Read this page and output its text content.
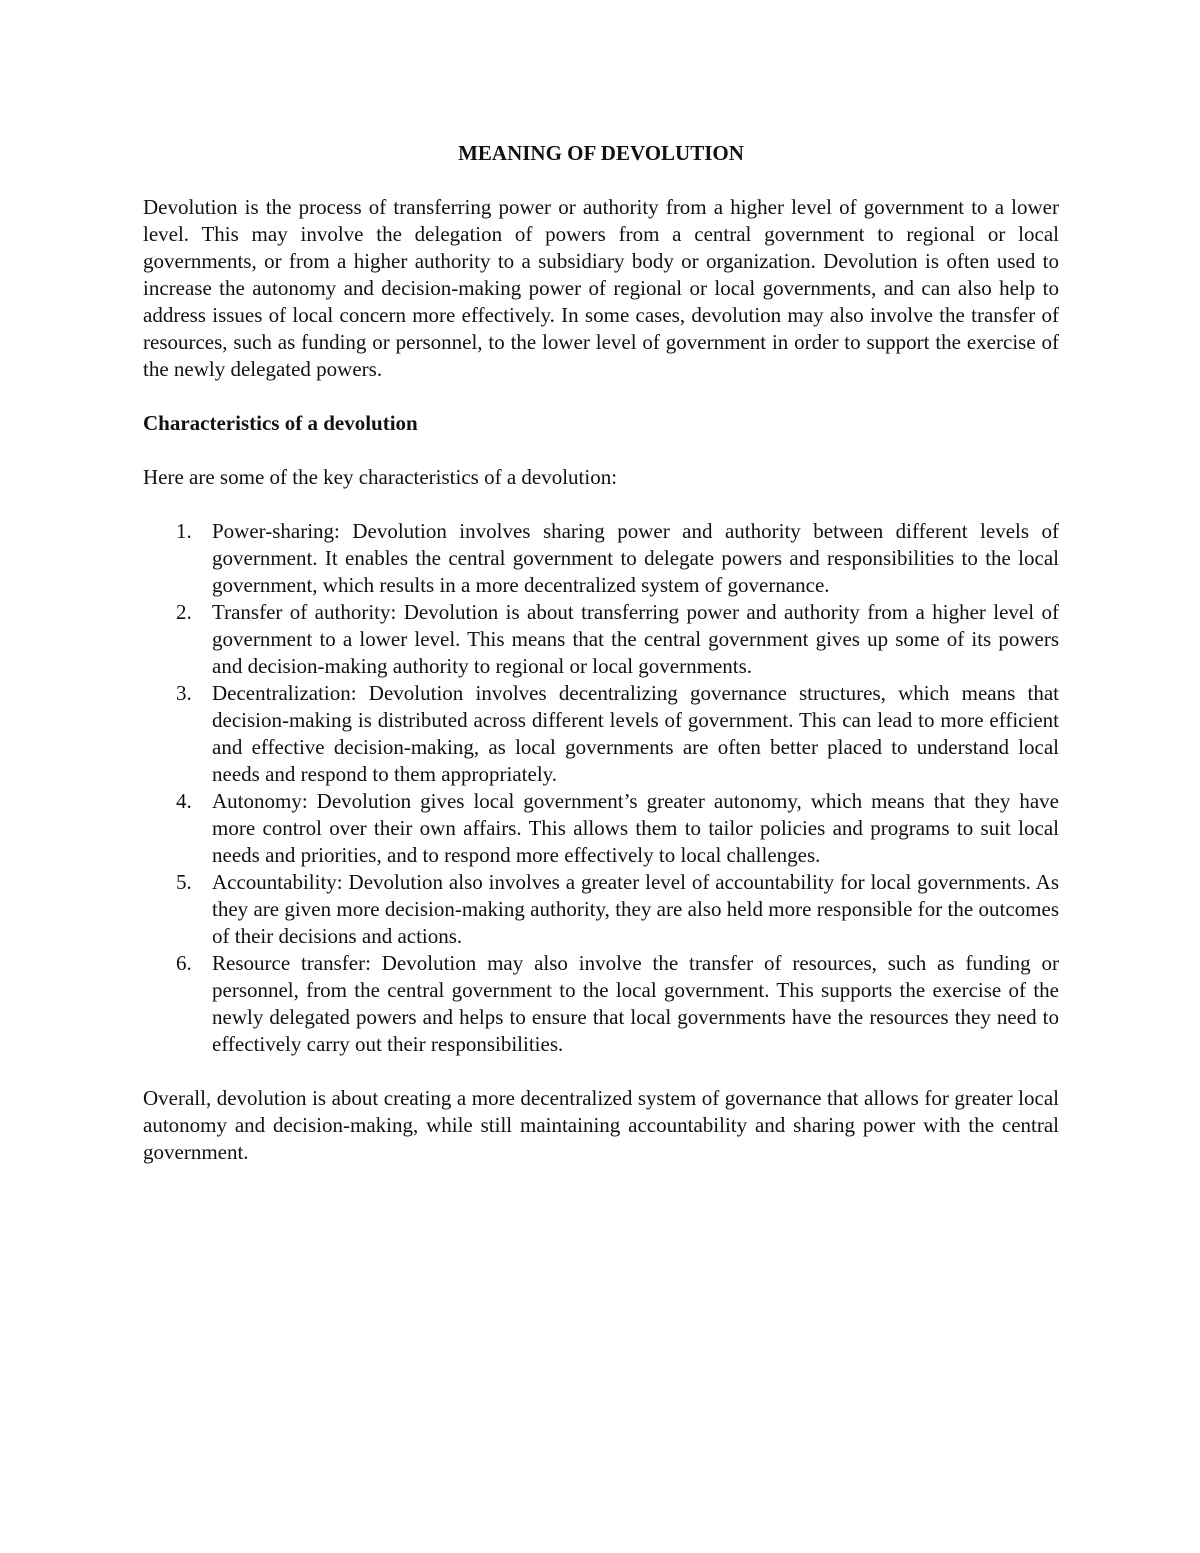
MEANING OF DEVOLUTION

Devolution is the process of transferring power or authority from a higher level of government to a lower level. This may involve the delegation of powers from a central government to regional or local governments, or from a higher authority to a subsidiary body or organization. Devolution is often used to increase the autonomy and decision-making power of regional or local governments, and can also help to address issues of local concern more effectively. In some cases, devolution may also involve the transfer of resources, such as funding or personnel, to the lower level of government in order to support the exercise of the newly delegated powers.

Characteristics of a devolution
Here are some of the key characteristics of a devolution:
1. Power-sharing: Devolution involves sharing power and authority between different levels of government. It enables the central government to delegate powers and responsibilities to the local government, which results in a more decentralized system of governance.
2. Transfer of authority: Devolution is about transferring power and authority from a higher level of government to a lower level. This means that the central government gives up some of its powers and decision-making authority to regional or local governments.
3. Decentralization: Devolution involves decentralizing governance structures, which means that decision-making is distributed across different levels of government. This can lead to more efficient and effective decision-making, as local governments are often better placed to understand local needs and respond to them appropriately.
4. Autonomy: Devolution gives local government’s greater autonomy, which means that they have more control over their own affairs. This allows them to tailor policies and programs to suit local needs and priorities, and to respond more effectively to local challenges.
5. Accountability: Devolution also involves a greater level of accountability for local governments. As they are given more decision-making authority, they are also held more responsible for the outcomes of their decisions and actions.
6. Resource transfer: Devolution may also involve the transfer of resources, such as funding or personnel, from the central government to the local government. This supports the exercise of the newly delegated powers and helps to ensure that local governments have the resources they need to effectively carry out their responsibilities.

Overall, devolution is about creating a more decentralized system of governance that allows for greater local autonomy and decision-making, while still maintaining accountability and sharing power with the central government.
